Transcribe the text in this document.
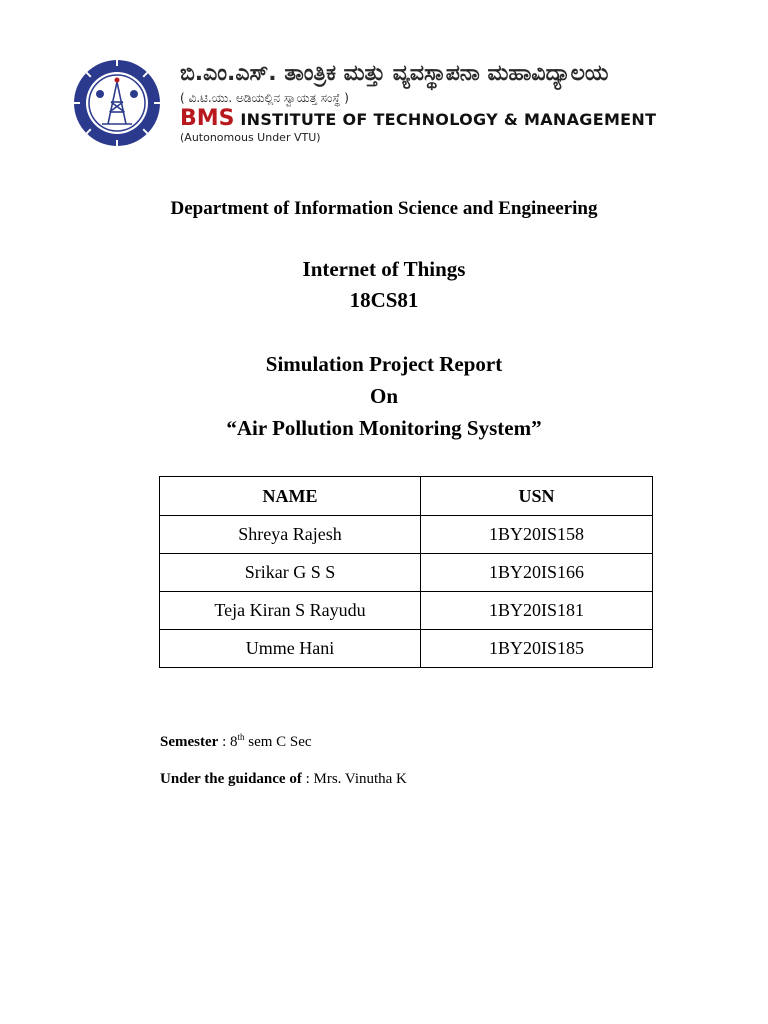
ಬಿ.ಎಂ.ಎಸ್. ತಾಂತ್ರಿಕ ಮತ್ತು ವ್ಯವಸ್ಥಾಪನಾ ಮಹಾವಿದ್ಯಾಲಯ
( ವಿ.ಟಿ.ಯು. ಅಡಿಯಲ್ಲಿನ ಸ್ವಾಯತ್ತ ಸಂಸ್ಥೆ )
BMS INSTITUTE OF TECHNOLOGY & MANAGEMENT
(Autonomous Under VTU)
Department of Information Science and Engineering
Internet of Things
18CS81
Simulation Project Report
On
“Air Pollution Monitoring System”
NAME	USN
Shreya Rajesh	1BY20IS158
Srikar G S S	1BY20IS166
Teja Kiran S Rayudu	1BY20IS181
Umme Hani	1BY20IS185
Semester : 8th sem C Sec
Under the guidance of : Mrs. Vinutha K
